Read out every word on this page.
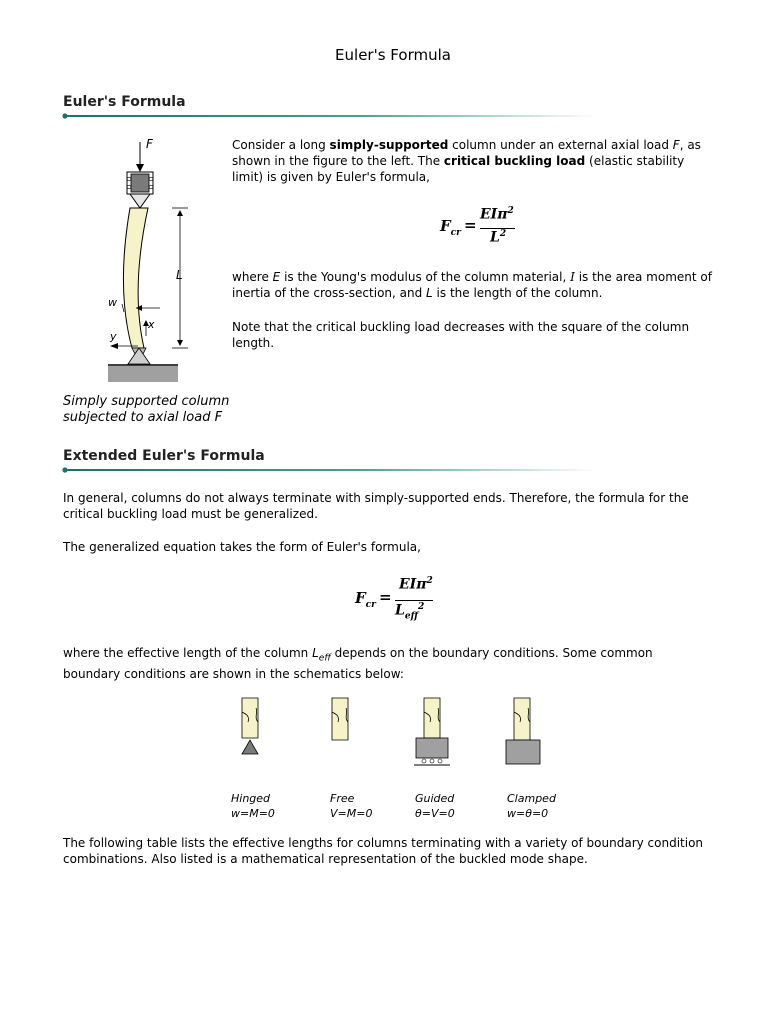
Euler's Formula
Euler's Formula
F
L
w
x
y
Simply supported column
subjected to axial load F
Consider a long simply-supported column under an external axial load F, as shown in the figure to the left. The critical buckling load (elastic stability limit) is given by Euler's formula,
$F_{cr}$ =
EIπ$^2$
$L^2$
where E is the Young's modulus of the column material, I is the area moment of inertia of the cross-section, and L is the length of the column.
Note that the critical buckling load decreases with the square of the column length.
Extended Euler's Formula
In general, columns do not always terminate with simply-supported ends. Therefore, the formula for the critical buckling load must be generalized.
The generalized equation takes the form of Euler's formula,
$F_{cr}$ =
EIπ$^2$
$L_{eff}^2$
where the effective length of the column $L_{eff}$ depends on the boundary conditions. Some common boundary conditions are shown in the schematics below:
Hinged
w=M=0
Free
V=M=0
Guided
θ=V=0
Clamped
w=θ=0
The following table lists the effective lengths for columns terminating with a variety of boundary condition combinations. Also listed is a mathematical representation of the buckled mode shape.
